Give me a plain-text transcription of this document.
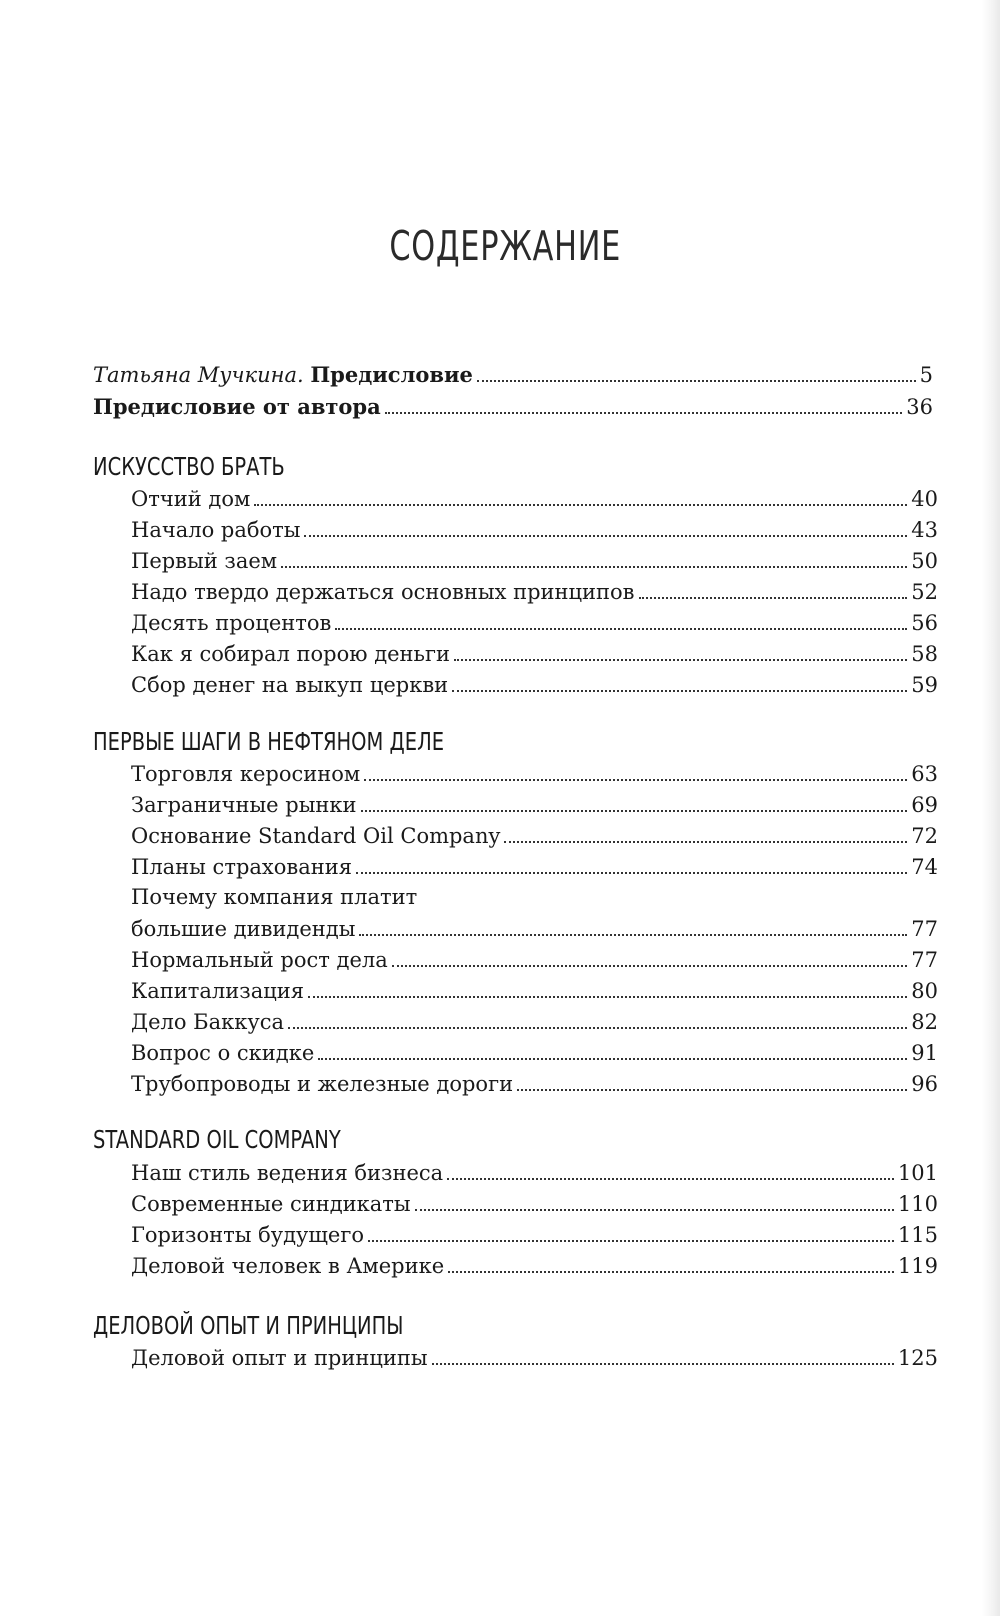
СОДЕРЖАНИЕ
Татьяна Мучкина. Предисловие	5
Предисловие от автора	36
ИСКУССТВО БРАТЬ
Отчий дом	40
Начало работы	43
Первый заем	50
Надо твердо держаться основных принципов	52
Десять процентов	56
Как я собирал порою деньги	58
Сбор денег на выкуп церкви	59
ПЕРВЫЕ ШАГИ В НЕФТЯНОМ ДЕЛЕ
Торговля керосином	63
Заграничные рынки	69
Основание Standard Oil Company	72
Планы страхования	74
Почему компания платит
большие дивиденды	77
Нормальный рост дела	77
Капитализация	80
Дело Баккуса	82
Вопрос о скидке	91
Трубопроводы и железные дороги	96
STANDARD OIL COMPANY
Наш стиль ведения бизнеса	101
Современные синдикаты	110
Горизонты будущего	115
Деловой человек в Америке	119
ДЕЛОВОЙ ОПЫТ И ПРИНЦИПЫ
Деловой опыт и принципы	125
